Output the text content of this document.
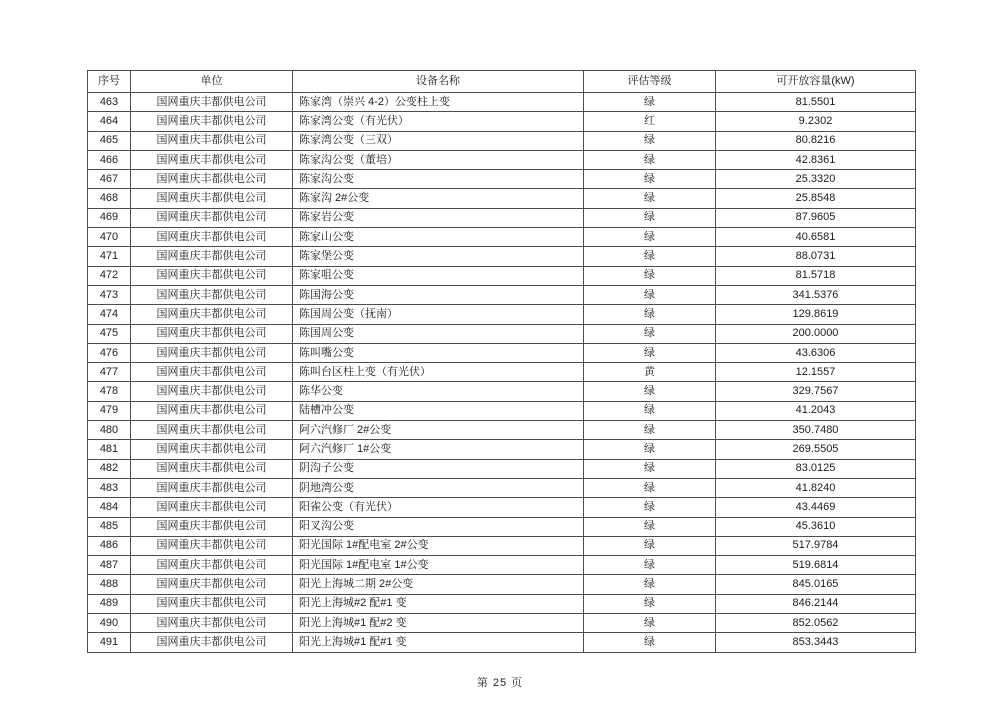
序号	单位	设备名称	评估等级	可开放容量(kW)
463	国网重庆丰都供电公司	陈家湾（崇兴 4-2）公变柱上变	绿	81.5501
464	国网重庆丰都供电公司	陈家湾公变（有光伏）	红	9.2302
465	国网重庆丰都供电公司	陈家湾公变（三双）	绿	80.8216
466	国网重庆丰都供电公司	陈家沟公变（董培）	绿	42.8361
467	国网重庆丰都供电公司	陈家沟公变	绿	25.3320
468	国网重庆丰都供电公司	陈家沟 2#公变	绿	25.8548
469	国网重庆丰都供电公司	陈家岩公变	绿	87.9605
470	国网重庆丰都供电公司	陈家山公变	绿	40.6581
471	国网重庆丰都供电公司	陈家堡公变	绿	88.0731
472	国网重庆丰都供电公司	陈家咀公变	绿	81.5718
473	国网重庆丰都供电公司	陈国海公变	绿	341.5376
474	国网重庆丰都供电公司	陈国周公变（抚南）	绿	129.8619
475	国网重庆丰都供电公司	陈国周公变	绿	200.0000
476	国网重庆丰都供电公司	陈叫嘴公变	绿	43.6306
477	国网重庆丰都供电公司	陈叫台区柱上变（有光伏）	黄	12.1557
478	国网重庆丰都供电公司	陈华公变	绿	329.7567
479	国网重庆丰都供电公司	陆槽冲公变	绿	41.2043
480	国网重庆丰都供电公司	阿六汽修厂 2#公变	绿	350.7480
481	国网重庆丰都供电公司	阿六汽修厂 1#公变	绿	269.5505
482	国网重庆丰都供电公司	阴沟子公变	绿	83.0125
483	国网重庆丰都供电公司	阴地湾公变	绿	41.8240
484	国网重庆丰都供电公司	阳雀公变（有光伏）	绿	43.4469
485	国网重庆丰都供电公司	阳叉沟公变	绿	45.3610
486	国网重庆丰都供电公司	阳光国际 1#配电室 2#公变	绿	517.9784
487	国网重庆丰都供电公司	阳光国际 1#配电室 1#公变	绿	519.6814
488	国网重庆丰都供电公司	阳光上海城二期 2#公变	绿	845.0165
489	国网重庆丰都供电公司	阳光上海城#2 配#1 变	绿	846.2144
490	国网重庆丰都供电公司	阳光上海城#1 配#2 变	绿	852.0562
491	国网重庆丰都供电公司	阳光上海城#1 配#1 变	绿	853.3443
第 25 页
